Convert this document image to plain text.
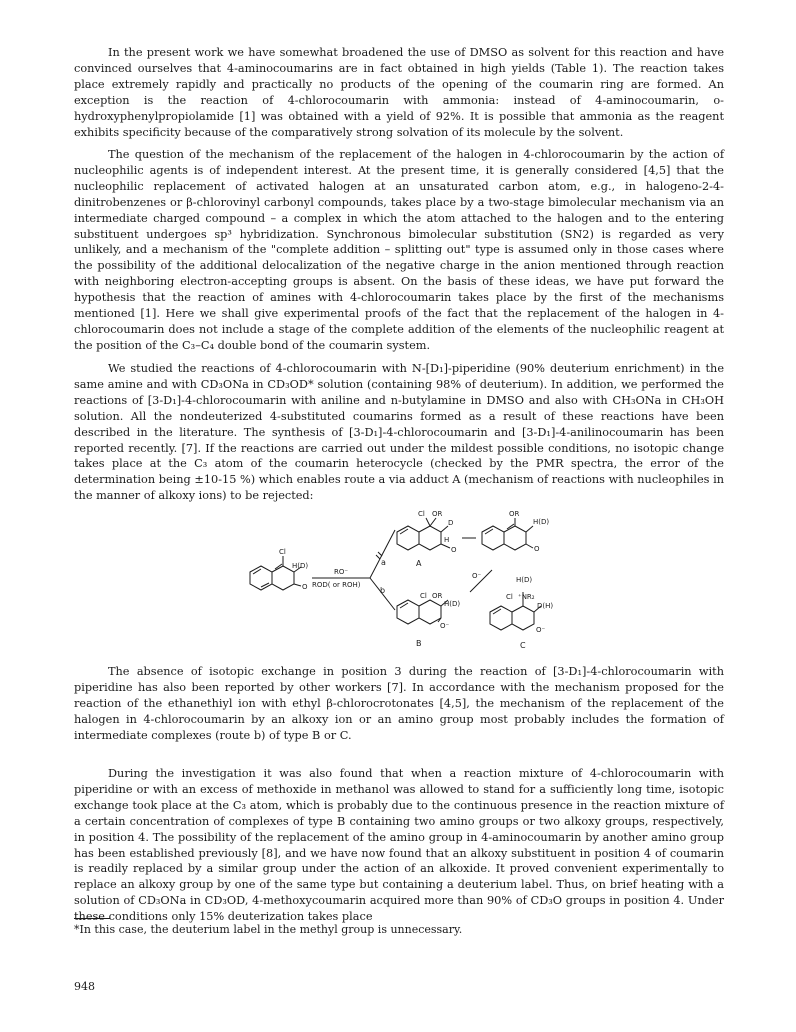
In the present work we have somewhat broadened the use of DMSO as solvent for this reaction and have convinced ourselves that 4-aminocoumarins are in fact obtained in high yields (Table 1). The reaction takes place extremely rapidly and practically no products of the opening of the coumarin ring are formed. An exception is the reaction of 4-chlorocoumarin with ammonia: instead of 4-aminocoumarin, o-hydroxyphenylpropiolamide [1] was obtained with a yield of 92%. It is possible that ammonia as the reagent exhibits specificity because of the comparatively strong solvation of its molecule by the solvent.

The question of the mechanism of the replacement of the halogen in 4-chlorocoumarin by the action of nucleophilic agents is of independent interest. At the present time, it is generally considered [4,5] that the nucleophilic replacement of activated halogen at an unsaturated carbon atom, e.g., in halogeno-2-4-dinitrobenzenes or β-chlorovinyl carbonyl compounds, takes place by a two-stage bimolecular mechanism via an intermediate charged compound – a complex in which the atom attached to the halogen and to the entering substituent undergoes sp³ hybridization. Synchronous bimolecular substitution (SN2) is regarded as very unlikely, and a mechanism of the "complete addition – splitting out" type is assumed only in those cases where the possibility of the additional delocalization of the negative charge in the anion mentioned through reaction with neighboring electron-accepting groups is absent. On the basis of these ideas, we have put forward the hypothesis that the reaction of amines with 4-chlorocoumarin takes place by the first of the mechanisms mentioned [1]. Here we shall give experimental proofs of the fact that the replacement of the halogen in 4-chlorocoumarin does not include a stage of the complete addition of the elements of the nucleophilic reagent at the position of the C₃–C₄ double bond of the coumarin system.

We studied the reactions of 4-chlorocoumarin with N-[D₁]-piperidine (90% deuterium enrichment) in the same amine and with CD₃ONa in CD₃OD* solution (containing 98% of deuterium). In addition, we performed the reactions of [3-D₁]-4-chlorocoumarin with aniline and n-butylamine in DMSO and also with CH₃ONa in CH₃OH solution. All the nondeuterized 4-substituted coumarins formed as a result of these reactions have been described in the literature. The synthesis of [3-D₁]-4-chlorocoumarin and [3-D₁]-4-anilinocoumarin has been reported recently. [7]. If the reactions are carried out under the mildest possible conditions, no isotopic change takes place at the C₃ atom of the coumarin heterocycle (checked by the PMR spectra, the error of the determination being ±10-15 %) which enables route a via adduct A (mechanism of reactions with nucleophiles in the manner of alkoxy ions) to be rejected:

Cl
H(D)
O
RO⁻
ROD( or ROH)
a
b
Cl OR
D
H
O
A
OR
H(D)
O
O⁻
Cl OR
H(D)
O⁻
B
H(D)
Cl ⁺NR₂
D(H)
O⁻
C

The absence of isotopic exchange in position 3 during the reaction of [3-D₁]-4-chlorocoumarin with piperidine has also been reported by other workers [7]. In accordance with the mechanism proposed for the reaction of the ethanethiyl ion with ethyl β-chlorocrotonates [4,5], the mechanism of the replacement of the halogen in 4-chlorocoumarin by an alkoxy ion or an amino group most probably includes the formation of intermediate complexes (route b) of type B or C.

During the investigation it was also found that when a reaction mixture of 4-chlorocoumarin with piperidine or with an excess of methoxide in methanol was allowed to stand for a sufficiently long time, isotopic exchange took place at the C₃ atom, which is probably due to the continuous presence in the reaction mixture of a certain concentration of complexes of type B containing two amino groups or two alkoxy groups, respectively, in position 4. The possibility of the replacement of the amino group in 4-aminocoumarin by another amino group has been established previously [8], and we have now found that an alkoxy substituent in position 4 of coumarin is readily replaced by a similar group under the action of an alkoxide. It proved convenient experimentally to replace an alkoxy group by one of the same type but containing a deuterium label. Thus, on brief heating with a solution of CD₃ONa in CD₃OD, 4-methoxycoumarin acquired more than 90% of CD₃O groups in position 4. Under these conditions only 15% deuterization takes place

*In this case, the deuterium label in the methyl group is unnecessary.
948
